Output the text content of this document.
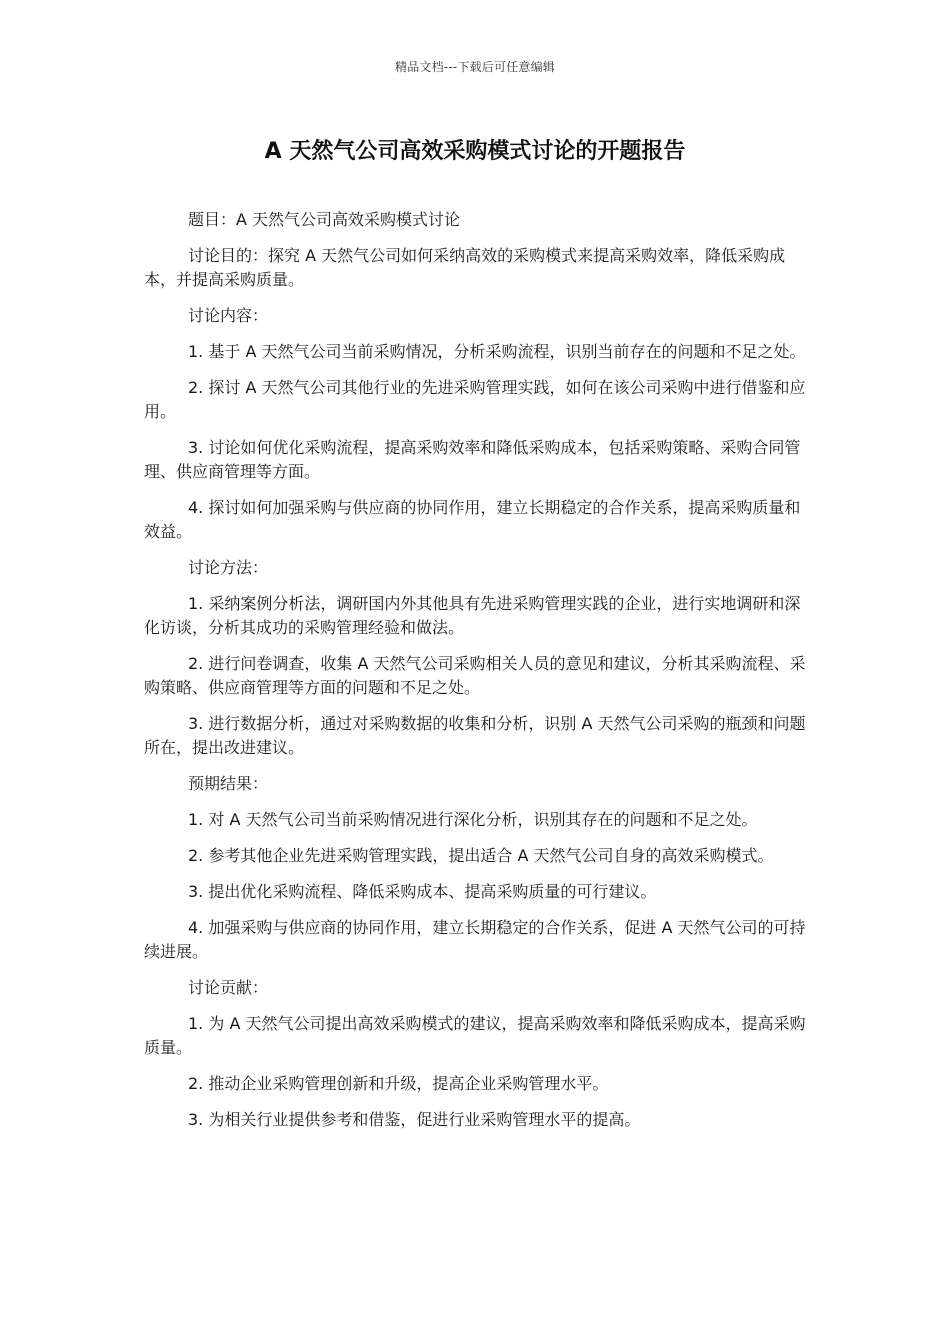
精品文档---下载后可任意编辑
A 天然气公司高效采购模式讨论的开题报告

题目：A 天然气公司高效采购模式讨论

讨论目的：探究 A 天然气公司如何采纳高效的采购模式来提高采购效率，降低采购成本，并提高采购质量。

讨论内容：

1. 基于 A 天然气公司当前采购情况，分析采购流程，识别当前存在的问题和不足之处。

2. 探讨 A 天然气公司其他行业的先进采购管理实践，如何在该公司采购中进行借鉴和应用。

3. 讨论如何优化采购流程，提高采购效率和降低采购成本，包括采购策略、采购合同管理、供应商管理等方面。

4. 探讨如何加强采购与供应商的协同作用，建立长期稳定的合作关系，提高采购质量和效益。

讨论方法：

1. 采纳案例分析法，调研国内外其他具有先进采购管理实践的企业，进行实地调研和深化访谈，分析其成功的采购管理经验和做法。

2. 进行问卷调查，收集 A 天然气公司采购相关人员的意见和建议，分析其采购流程、采购策略、供应商管理等方面的问题和不足之处。

3. 进行数据分析，通过对采购数据的收集和分析，识别 A 天然气公司采购的瓶颈和问题所在，提出改进建议。

预期结果：

1. 对 A 天然气公司当前采购情况进行深化分析，识别其存在的问题和不足之处。

2. 参考其他企业先进采购管理实践，提出适合 A 天然气公司自身的高效采购模式。

3. 提出优化采购流程、降低采购成本、提高采购质量的可行建议。

4. 加强采购与供应商的协同作用，建立长期稳定的合作关系，促进 A 天然气公司的可持续进展。

讨论贡献：

1. 为 A 天然气公司提出高效采购模式的建议，提高采购效率和降低采购成本，提高采购质量。

2. 推动企业采购管理创新和升级，提高企业采购管理水平。

3. 为相关行业提供参考和借鉴，促进行业采购管理水平的提高。
